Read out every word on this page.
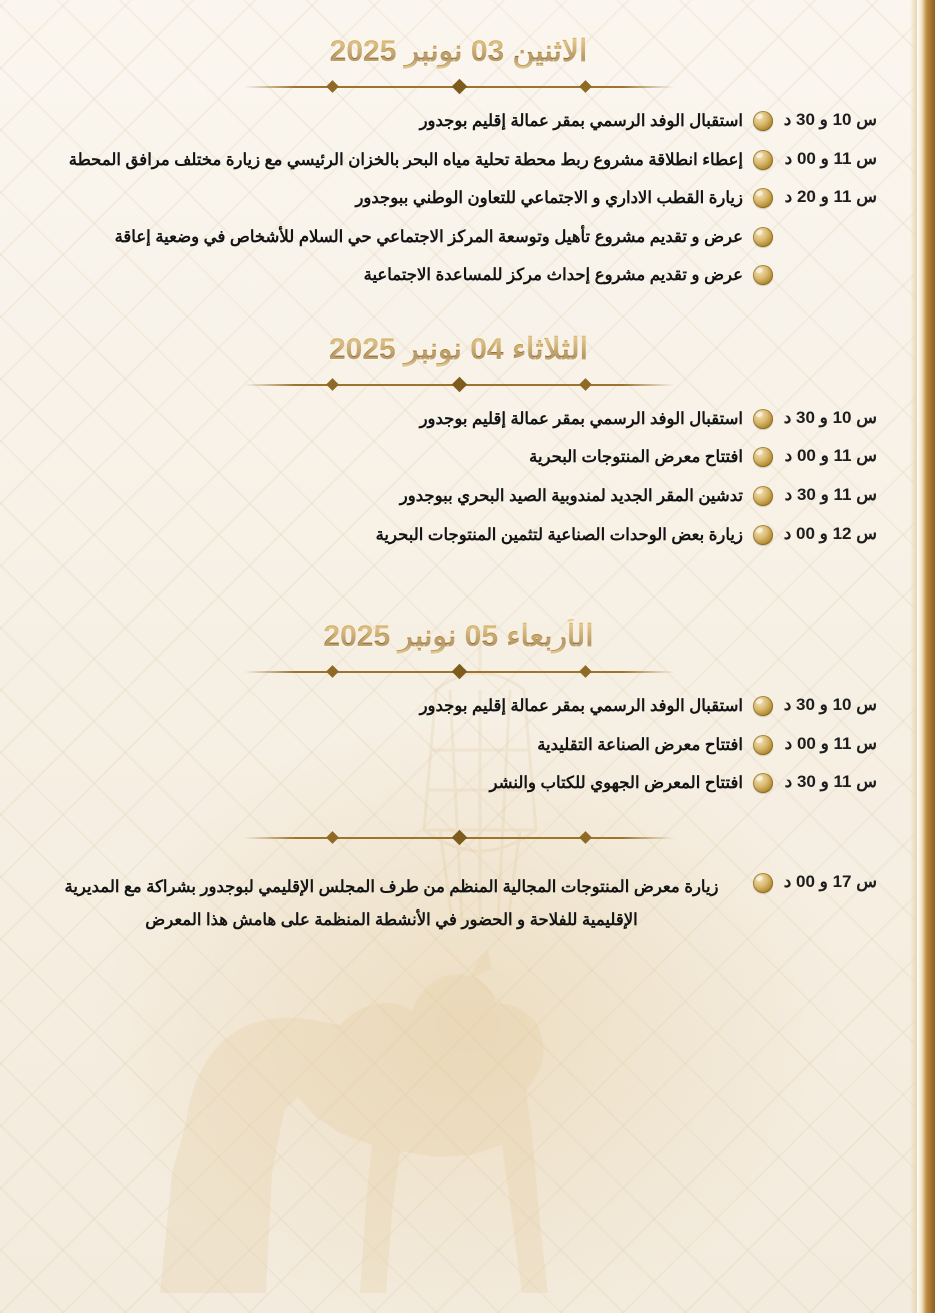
الاثنين 03 نونبر 2025
س 10 و 30 د
استقبال الوفد الرسمي بمقر عمالة إقليم بوجدور
س 11 و 00 د
إعطاء انطلاقة مشروع ربط محطة تحلية مياه البحر بالخزان الرئيسي مع زيارة مختلف مرافق المحطة
س 11 و 20 د
زيارة القطب الاداري و الاجتماعي للتعاون الوطني ببوجدور
عرض و تقديم مشروع تأهيل وتوسعة المركز الاجتماعي حي السلام للأشخاص في وضعية إعاقة
عرض و تقديم مشروع إحداث مركز للمساعدة الاجتماعية
الثلاثاء 04 نونبر 2025
س 10 و 30 د
استقبال الوفد الرسمي بمقر عمالة إقليم بوجدور
س 11 و 00 د
افتتاح معرض المنتوجات البحرية
س 11 و 30 د
تدشين المقر الجديد لمندوبية الصيد البحري ببوجدور
س 12 و 00 د
زيارة بعض الوحدات الصناعية لتثمين المنتوجات البحرية
الأربعاء 05 نونبر 2025
س 10 و 30 د
استقبال الوفد الرسمي بمقر عمالة إقليم بوجدور
س 11 و 00 د
افتتاح معرض الصناعة التقليدية
س 11 و 30 د
افتتاح المعرض الجهوي للكتاب والنشر
س 17 و 00 د
زيارة معرض المنتوجات المجالية المنظم من طرف المجلس الإقليمي لبوجدور بشراكة مع المديرية الإقليمية للفلاحة و الحضور في الأنشطة المنظمة على هامش هذا المعرض
